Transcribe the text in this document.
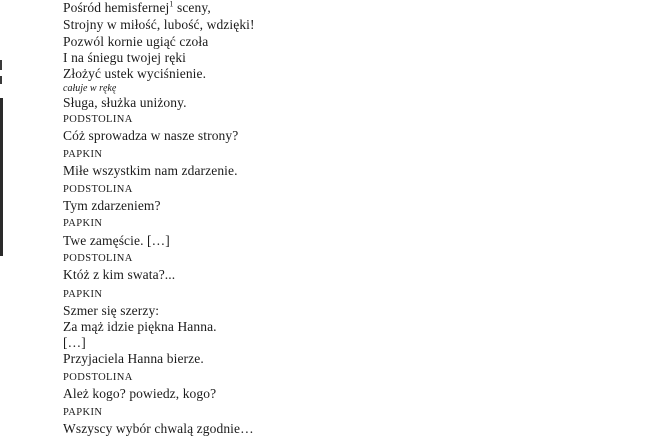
Pośród hemisfernej$^1$ sceny,
Strojny w miłość, lubość, wdzięki!
Pozwól kornie ugiąć czoła
I na śniegu twojej ręki
Złożyć ustek wyciśnienie.
całuje w rękę
Sługa, służka uniżony.
PODSTOLINA
Cóż sprowadza w nasze strony?
PAPKIN
Miłe wszystkim nam zdarzenie.
PODSTOLINA
Tym zdarzeniem?
PAPKIN
Twe zamęście. […]
PODSTOLINA
Któż z kim swata?...
PAPKIN
Szmer się szerzy:
Za mąż idzie piękna Hanna.
[…]
Przyjaciela Hanna bierze.
PODSTOLINA
Ależ kogo? powiedz, kogo?
PAPKIN
Wszyscy wybór chwalą zgodnie…
